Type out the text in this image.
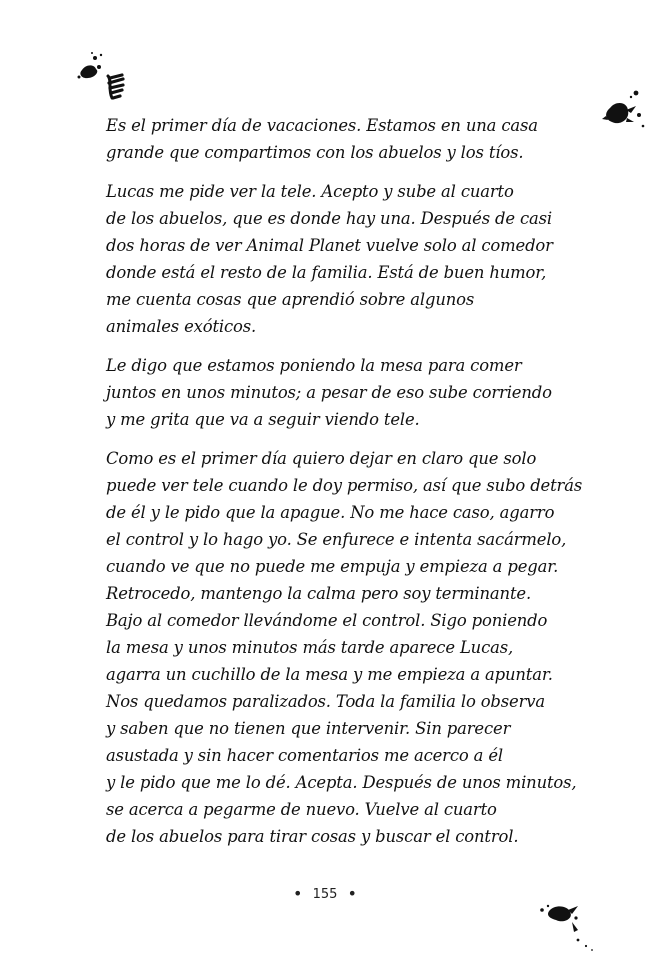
Es el primer día de vacaciones. Estamos en una casa
grande que compartimos con los abuelos y los tíos.

Lucas me pide ver la tele. Acepto y sube al cuarto
de los abuelos, que es donde hay una. Después de casi
dos horas de ver Animal Planet vuelve solo al comedor
donde está el resto de la familia. Está de buen humor,
me cuenta cosas que aprendió sobre algunos
animales exóticos.

Le digo que estamos poniendo la mesa para comer
juntos en unos minutos; a pesar de eso sube corriendo
y me grita que va a seguir viendo tele.

Como es el primer día quiero dejar en claro que solo
puede ver tele cuando le doy permiso, así que subo detrás
de él y le pido que la apague. No me hace caso, agarro
el control y lo hago yo. Se enfurece e intenta sacármelo,
cuando ve que no puede me empuja y empieza a pegar.
Retrocedo, mantengo la calma pero soy terminante.
Bajo al comedor llevándome el control. Sigo poniendo
la mesa y unos minutos más tarde aparece Lucas,
agarra un cuchillo de la mesa y me empieza a apuntar.
Nos quedamos paralizados. Toda la familia lo observa
y saben que no tienen que intervenir. Sin parecer
asustada y sin hacer comentarios me acerco a él
y le pido que me lo dé. Acepta. Después de unos minutos,
se acerca a pegarme de nuevo. Vuelve al cuarto
de los abuelos para tirar cosas y buscar el control.

• 155 •
